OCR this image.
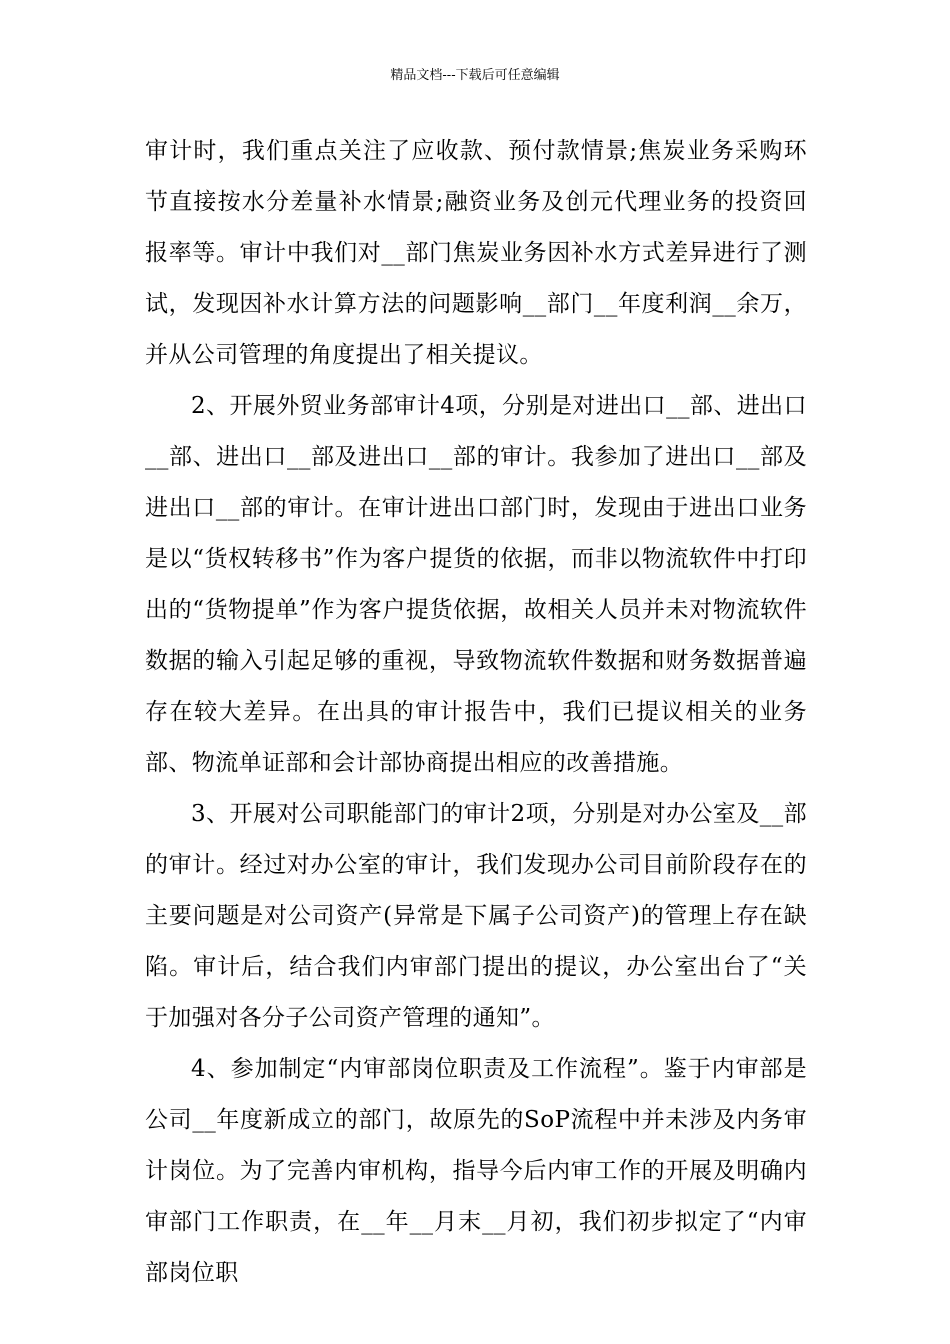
精品文档---下载后可任意编辑

审计时，我们重点关注了应收款、预付款情景;焦炭业务采购环节直接按水分差量补水情景;融资业务及创元代理业务的投资回报率等。审计中我们对__部门焦炭业务因补水方式差异进行了测试，发现因补水计算方法的问题影响__部门__年度利润__余万，并从公司管理的角度提出了相关提议。

2、开展外贸业务部审计4项，分别是对进出口__部、进出口__部、进出口__部及进出口__部的审计。我参加了进出口__部及进出口__部的审计。在审计进出口部门时，发现由于进出口业务是以“货权转移书”作为客户提货的依据，而非以物流软件中打印出的“货物提单”作为客户提货依据，故相关人员并未对物流软件数据的输入引起足够的重视，导致物流软件数据和财务数据普遍存在较大差异。在出具的审计报告中，我们已提议相关的业务部、物流单证部和会计部协商提出相应的改善措施。

3、开展对公司职能部门的审计2项，分别是对办公室及__部的审计。经过对办公室的审计，我们发现办公司目前阶段存在的主要问题是对公司资产(异常是下属子公司资产)的管理上存在缺陷。审计后，结合我们内审部门提出的提议，办公室出台了“关于加强对各分子公司资产管理的通知”。

4、参加制定“内审部岗位职责及工作流程”。鉴于内审部是公司__年度新成立的部门，故原先的SoP流程中并未涉及内务审计岗位。为了完善内审机构，指导今后内审工作的开展及明确内审部门工作职责，在__年__月末__月初，我们初步拟定了“内审部岗位职
